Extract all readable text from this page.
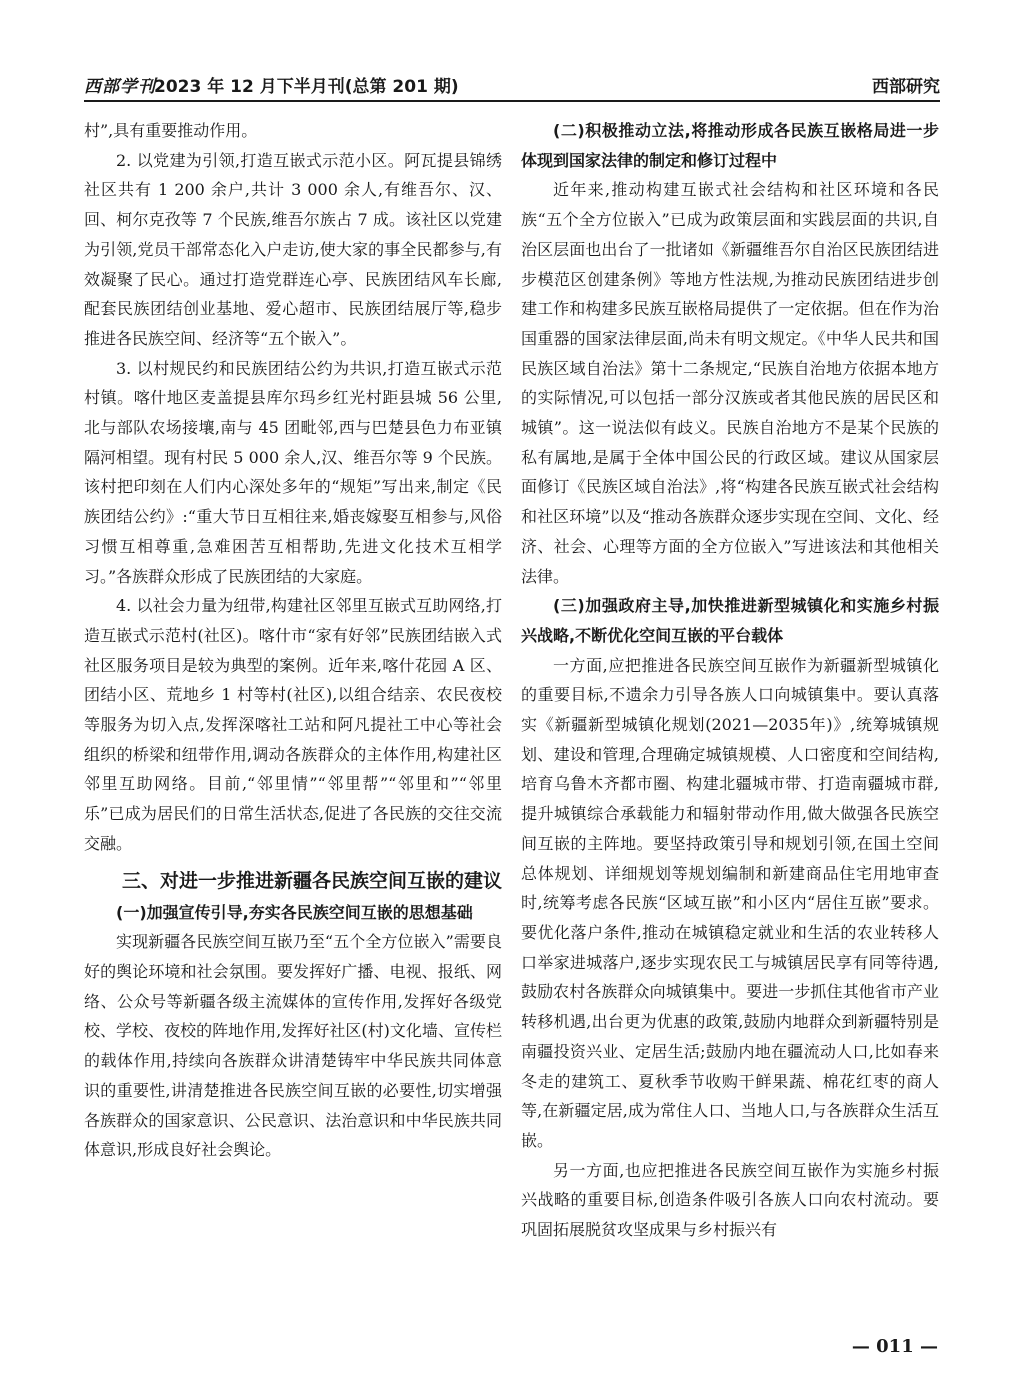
西部学刊
2023 年 12 月下半月刊(总第 201 期)	西部研究

村”,具有重要推动作用。

2. 以党建为引领,打造互嵌式示范小区。阿瓦提县锦绣社区共有 1 200 余户,共计 3 000 余人,有维吾尔、汉、回、柯尔克孜等 7 个民族,维吾尔族占 7 成。该社区以党建为引领,党员干部常态化入户走访,使大家的事全民都参与,有效凝聚了民心。通过打造党群连心亭、民族团结风车长廊,配套民族团结创业基地、爱心超市、民族团结展厅等,稳步推进各民族空间、经济等“五个嵌入”。

3. 以村规民约和民族团结公约为共识,打造互嵌式示范村镇。喀什地区麦盖提县库尔玛乡红光村距县城 56 公里,北与部队农场接壤,南与 45 团毗邻,西与巴楚县色力布亚镇隔河相望。现有村民 5 000 余人,汉、维吾尔等 9 个民族。该村把印刻在人们内心深处多年的“规矩”写出来,制定《民族团结公约》:“重大节日互相往来,婚丧嫁娶互相参与,风俗习惯互相尊重,急难困苦互相帮助,先进文化技术互相学习。”各族群众形成了民族团结的大家庭。

4. 以社会力量为纽带,构建社区邻里互嵌式互助网络,打造互嵌式示范村(社区)。喀什市“家有好邻”民族团结嵌入式社区服务项目是较为典型的案例。近年来,喀什花园 A 区、团结小区、荒地乡 1 村等村(社区),以组合结亲、农民夜校等服务为切入点,发挥深喀社工站和阿凡提社工中心等社会组织的桥梁和纽带作用,调动各族群众的主体作用,构建社区邻里互助网络。目前,“邻里情”“邻里帮”“邻里和”“邻里乐”已成为居民们的日常生活状态,促进了各民族的交往交流交融。

三、对进一步推进新疆各民族空间互嵌的建议
(一)加强宣传引导,夯实各民族空间互嵌的思想基础

实现新疆各民族空间互嵌乃至“五个全方位嵌入”需要良好的舆论环境和社会氛围。要发挥好广播、电视、报纸、网络、公众号等新疆各级主流媒体的宣传作用,发挥好各级党校、学校、夜校的阵地作用,发挥好社区(村)文化墙、宣传栏的载体作用,持续向各族群众讲清楚铸牢中华民族共同体意识的重要性,讲清楚推进各民族空间互嵌的必要性,切实增强各族群众的国家意识、公民意识、法治意识和中华民族共同体意识,形成良好社会舆论。

(二)积极推动立法,将推动形成各民族互嵌格局进一步体现到国家法律的制定和修订过程中

近年来,推动构建互嵌式社会结构和社区环境和各民族“五个全方位嵌入”已成为政策层面和实践层面的共识,自治区层面也出台了一批诸如《新疆维吾尔自治区民族团结进步模范区创建条例》等地方性法规,为推动民族团结进步创建工作和构建多民族互嵌格局提供了一定依据。但在作为治国重器的国家法律层面,尚未有明文规定。《中华人民共和国民族区域自治法》第十二条规定,“民族自治地方依据本地方的实际情况,可以包括一部分汉族或者其他民族的居民区和城镇”。这一说法似有歧义。民族自治地方不是某个民族的私有属地,是属于全体中国公民的行政区域。建议从国家层面修订《民族区域自治法》,将“构建各民族互嵌式社会结构和社区环境”以及“推动各族群众逐步实现在空间、文化、经济、社会、心理等方面的全方位嵌入”写进该法和其他相关法律。

(三)加强政府主导,加快推进新型城镇化和实施乡村振兴战略,不断优化空间互嵌的平台载体

一方面,应把推进各民族空间互嵌作为新疆新型城镇化的重要目标,不遗余力引导各族人口向城镇集中。要认真落实《新疆新型城镇化规划(2021—2035年)》,统筹城镇规划、建设和管理,合理确定城镇规模、人口密度和空间结构,培育乌鲁木齐都市圈、构建北疆城市带、打造南疆城市群,提升城镇综合承载能力和辐射带动作用,做大做强各民族空间互嵌的主阵地。要坚持政策引导和规划引领,在国土空间总体规划、详细规划等规划编制和新建商品住宅用地审查时,统筹考虑各民族“区域互嵌”和小区内“居住互嵌”要求。要优化落户条件,推动在城镇稳定就业和生活的农业转移人口举家进城落户,逐步实现农民工与城镇居民享有同等待遇,鼓励农村各族群众向城镇集中。要进一步抓住其他省市产业转移机遇,出台更为优惠的政策,鼓励内地群众到新疆特别是南疆投资兴业、定居生活;鼓励内地在疆流动人口,比如春来冬走的建筑工、夏秋季节收购干鲜果蔬、棉花红枣的商人等,在新疆定居,成为常住人口、当地人口,与各族群众生活互嵌。

另一方面,也应把推进各民族空间互嵌作为实施乡村振兴战略的重要目标,创造条件吸引各族人口向农村流动。要巩固拓展脱贫攻坚成果与乡村振兴有

— 011 —
